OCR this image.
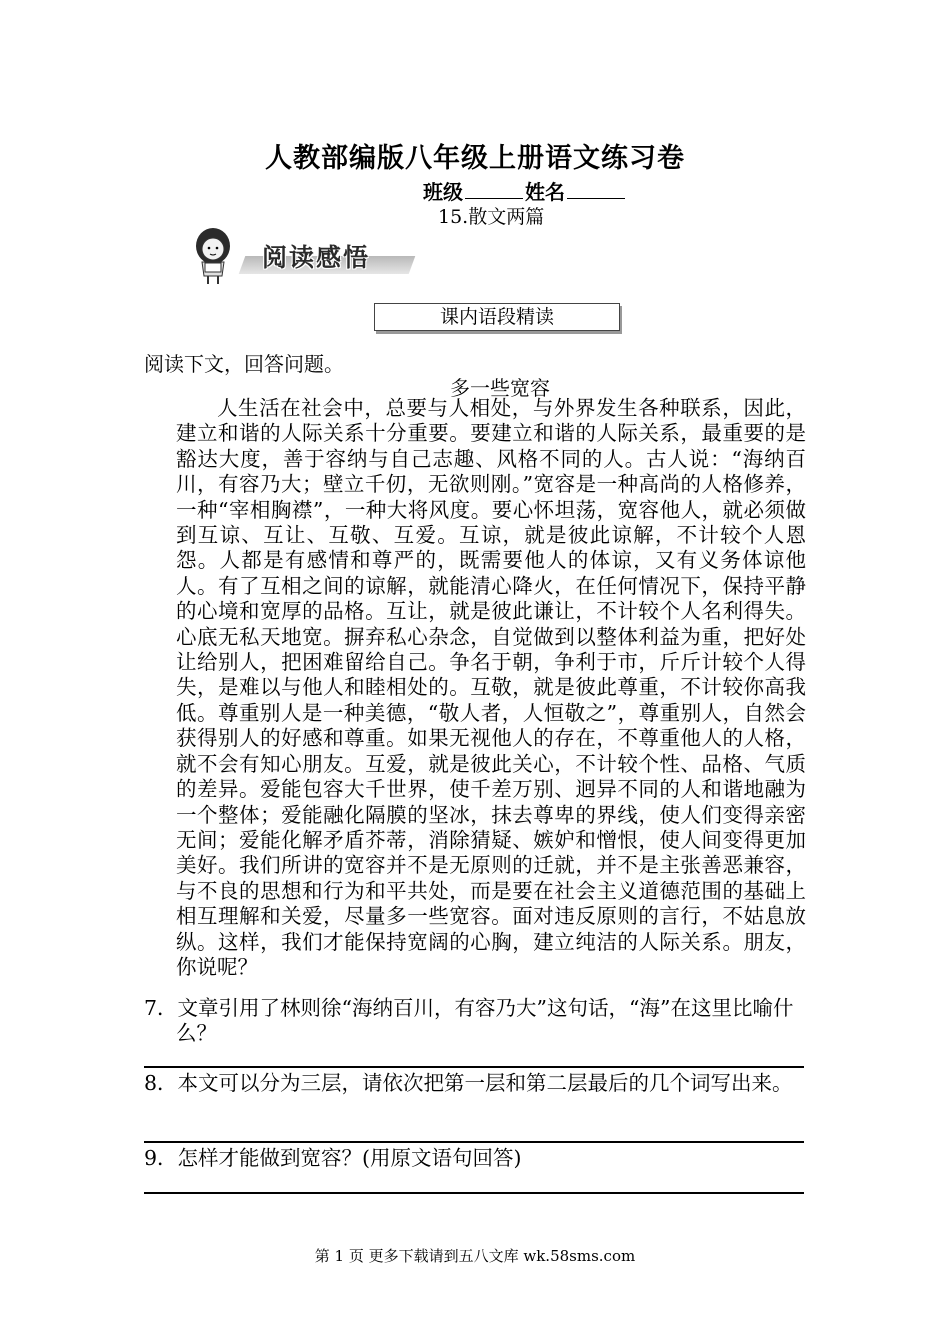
人教部编版八年级上册语文练习卷
班级	姓名
15.散文两篇
阅读感悟
课内语段精读
阅读下文，回答问题。
多一些宽容
人生活在社会中，总要与人相处，与外界发生各种联系，因此，建立和谐的人际关系十分重要。要建立和谐的人际关系，最重要的是豁达大度，善于容纳与自己志趣、风格不同的人。古人说：“海纳百川，有容乃大；壁立千仞，无欲则刚。”宽容是一种高尚的人格修养，一种“宰相胸襟”，一种大将风度。要心怀坦荡，宽容他人，就必须做到互谅、互让、互敬、互爱。互谅，就是彼此谅解，不计较个人恩怨。人都是有感情和尊严的，既需要他人的体谅，又有义务体谅他人。有了互相之间的谅解，就能清心降火，在任何情况下，保持平静的心境和宽厚的品格。互让，就是彼此谦让，不计较个人名利得失。心底无私天地宽。摒弃私心杂念，自觉做到以整体利益为重，把好处让给别人，把困难留给自己。争名于朝，争利于市，斤斤计较个人得失，是难以与他人和睦相处的。互敬，就是彼此尊重，不计较你高我低。尊重别人是一种美德，“敬人者，人恒敬之”，尊重别人，自然会获得别人的好感和尊重。如果无视他人的存在，不尊重他人的人格，就不会有知心朋友。互爱，就是彼此关心，不计较个性、品格、气质的差异。爱能包容大千世界，使千差万别、迥异不同的人和谐地融为一个整体；爱能融化隔膜的坚冰，抹去尊卑的界线，使人们变得亲密无间；爱能化解矛盾芥蒂，消除猜疑、嫉妒和憎恨，使人间变得更加美好。我们所讲的宽容并不是无原则的迁就，并不是主张善恶兼容，与不良的思想和行为和平共处，而是要在社会主义道德范围的基础上相互理解和关爱，尽量多一些宽容。面对违反原则的言行，不姑息放纵。这样，我们才能保持宽阔的心胸，建立纯洁的人际关系。朋友，你说呢？
7．文章引用了林则徐“海纳百川，有容乃大”这句话，“海”在这里比喻什么？
8．本文可以分为三层，请依次把第一层和第二层最后的几个词写出来。
9．怎样才能做到宽容？(用原文语句回答)
第 1 页 更多下载请到五八文库 wk.58sms.com
